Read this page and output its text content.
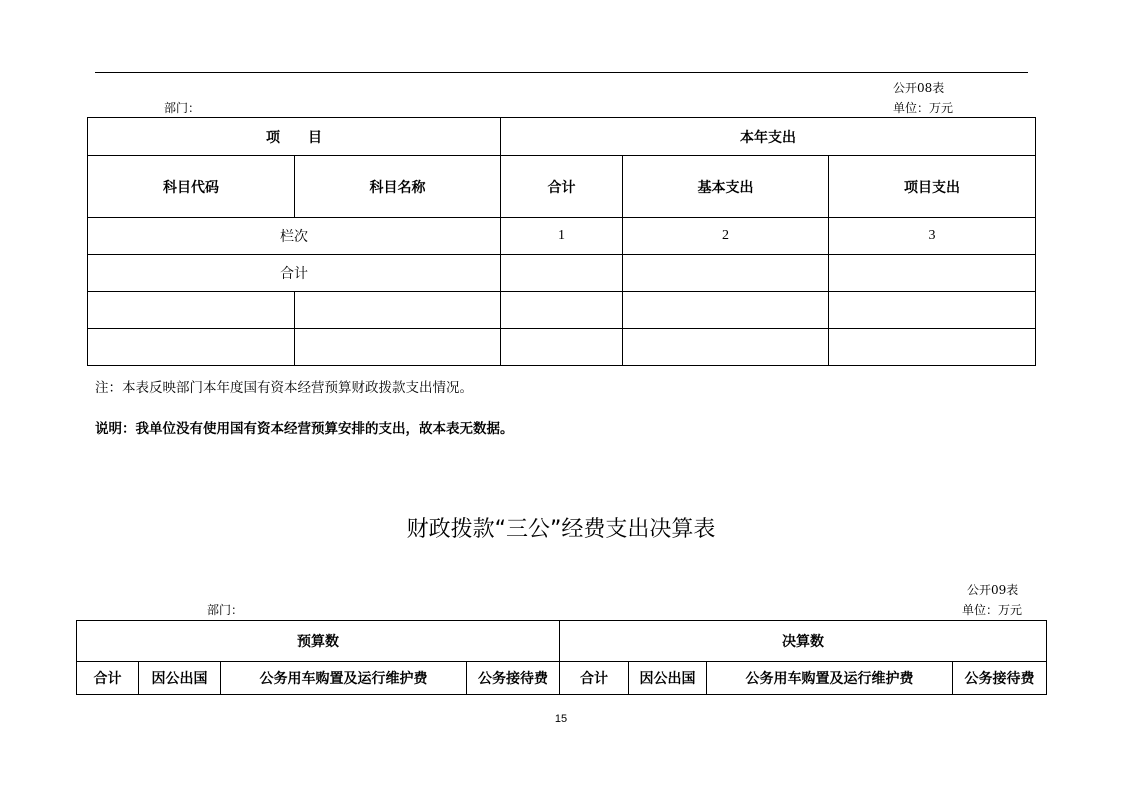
公开08表
部门：	单位：万元
项　　目		本年支出		
科目代码	科目名称	合计	基本支出	项目支出
栏次		1	2	3
合计				

注：本表反映部门本年度国有资本经营预算财政拨款支出情况。
说明：我单位没有使用国有资本经营预算安排的支出，故本表无数据。
财政拨款“三公”经费支出决算表
公开09表
部门：	单位：万元
预算数				决算数			
合计	因公出国	公务用车购置及运行维护费	公务接待费	合计	因公出国	公务用车购置及运行维护费	公务接待费
15
